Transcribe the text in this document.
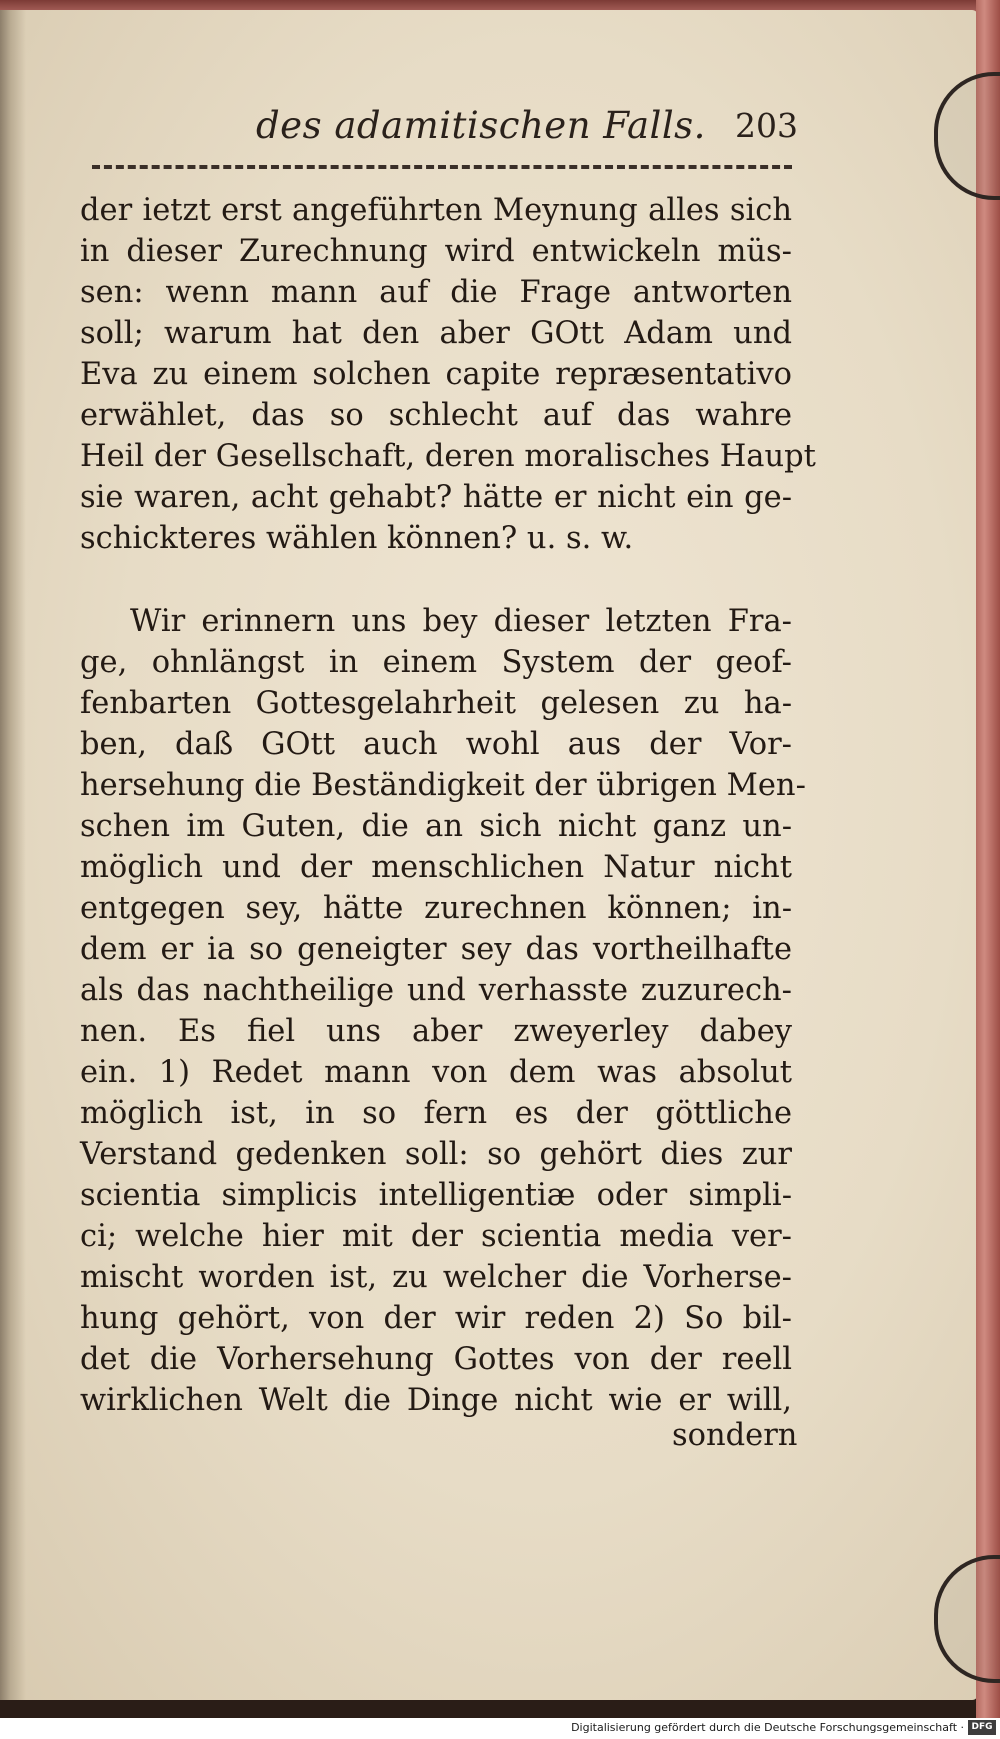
des adamitischen Falls. 203
der ietzt erst angeführten Meynung alles sich
in dieser Zurechnung wird entwickeln müs-
sen: wenn mann auf die Frage antworten
soll; warum hat den aber GOtt Adam und
Eva zu einem solchen capite repræsentativo
erwählet, das so schlecht auf das wahre
Heil der Gesellschaft, deren moralisches Haupt
sie waren, acht gehabt? hätte er nicht ein ge-
schickteres wählen können? u. s. w.
Wir erinnern uns bey dieser letzten Fra-
ge, ohnlängst in einem System der geof-
fenbarten Gottesgelahrheit gelesen zu ha-
ben, daß GOtt auch wohl aus der Vor-
hersehung die Beständigkeit der übrigen Men-
schen im Guten, die an sich nicht ganz un-
möglich und der menschlichen Natur nicht
entgegen sey, hätte zurechnen können; in-
dem er ia so geneigter sey das vortheilhafte
als das nachtheilige und verhasste zuzurech-
nen. Es fiel uns aber zweyerley dabey
ein. 1) Redet mann von dem was absolut
möglich ist, in so fern es der göttliche
Verstand gedenken soll: so gehört dies zur
scientia simplicis intelligentiæ oder simpli-
ci; welche hier mit der scientia media ver-
mischt worden ist, zu welcher die Vorherse-
hung gehört, von der wir reden 2) So bil-
det die Vorhersehung Gottes von der reell
wirklichen Welt die Dinge nicht wie er will,
sondern
Digitalisierung gefördert durch die Deutsche Forschungsgemeinschaft · DFG
